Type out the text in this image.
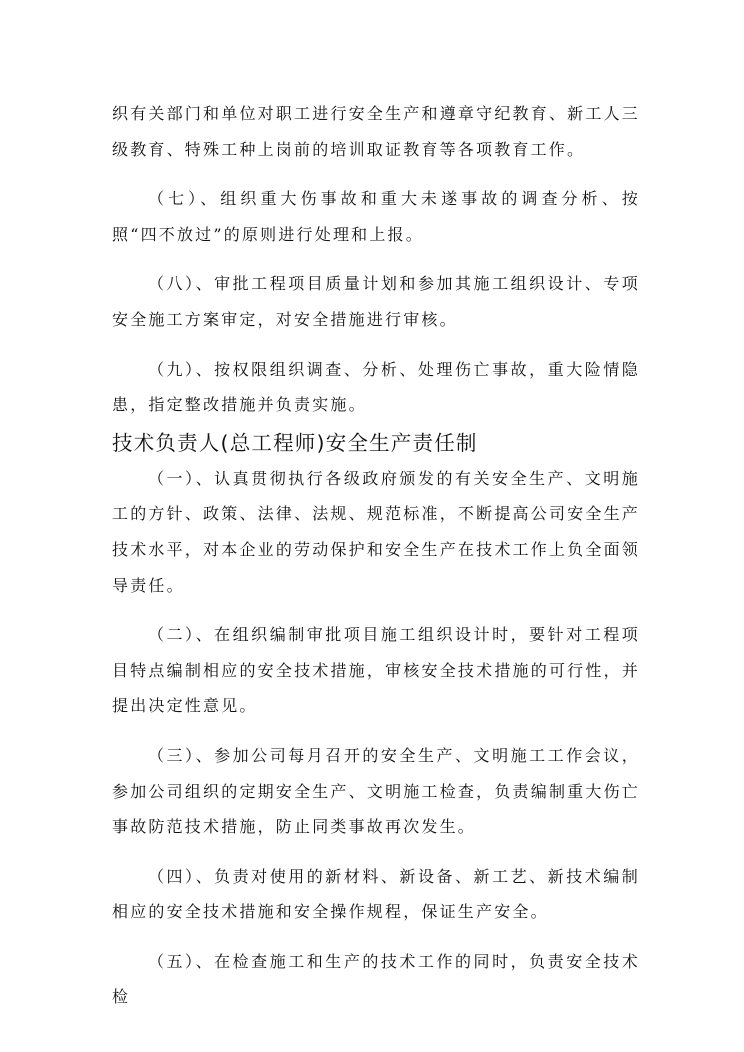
织有关部门和单位对职工进行安全生产和遵章守纪教育、新工人三级教育、特殊工种上岗前的培训取证教育等各项教育工作。

（七）、组织重大伤事故和重大未遂事故的调查分析、按照“四不放过”的原则进行处理和上报。

（八）、审批工程项目质量计划和参加其施工组织设计、专项安全施工方案审定，对安全措施进行审核。

（九）、按权限组织调查、分析、处理伤亡事故，重大险情隐患，指定整改措施并负责实施。

技术负责人(总工程师)安全生产责任制

（一）、认真贯彻执行各级政府颁发的有关安全生产、文明施工的方针、政策、法律、法规、规范标准，不断提高公司安全生产技术水平，对本企业的劳动保护和安全生产在技术工作上负全面领导责任。

（二）、在组织编制审批项目施工组织设计时，要针对工程项目特点编制相应的安全技术措施，审核安全技术措施的可行性，并提出决定性意见。

（三）、参加公司每月召开的安全生产、文明施工工作会议，参加公司组织的定期安全生产、文明施工检查，负责编制重大伤亡事故防范技术措施，防止同类事故再次发生。

（四）、负责对使用的新材料、新设备、新工艺、新技术编制相应的安全技术措施和安全操作规程，保证生产安全。

（五）、在检查施工和生产的技术工作的同时，负责安全技术检
